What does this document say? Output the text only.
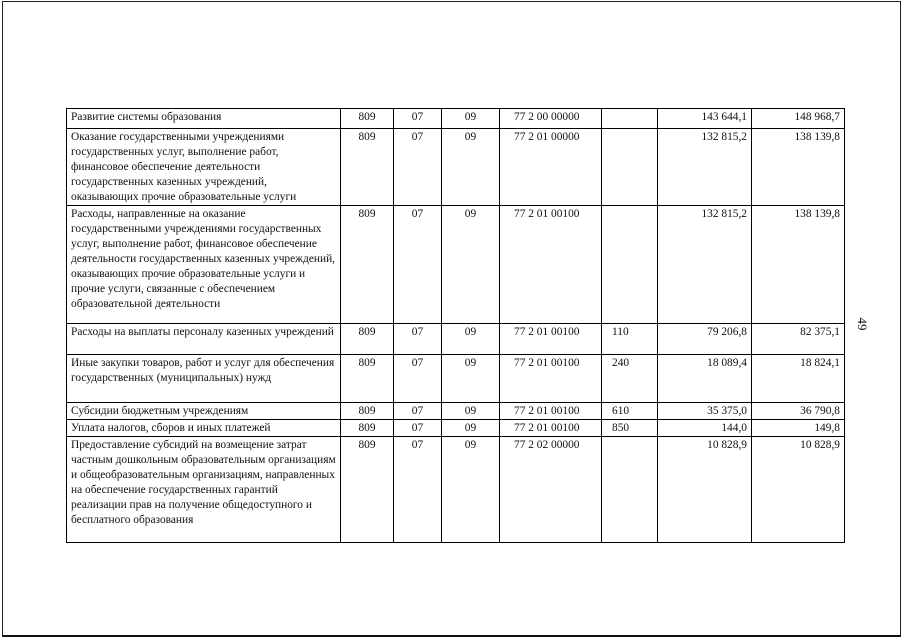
Развитие системы образования	809	07	09	77 2 00 00000		143 644,1	148 968,7
Оказание государственными учреждениями государственных услуг, выполнение работ, финансовое обеспечение деятельности государственных казенных учреждений, оказывающих прочие образовательные услуги	809	07	09	77 2 01 00000		132 815,2	138 139,8
Расходы, направленные на оказание государственными учреждениями государственных услуг, выполнение работ, финансовое обеспечение деятельности государственных казенных учреждений, оказывающих прочие образовательные услуги и прочие услуги, связанные с обеспечением образовательной деятельности	809	07	09	77 2 01 00100		132 815,2	138 139,8
Расходы на выплаты персоналу казенных учреждений	809	07	09	77 2 01 00100	110	79 206,8	82 375,1
Иные закупки товаров, работ и услуг для обеспечения государственных (муниципальных) нужд	809	07	09	77 2 01 00100	240	18 089,4	18 824,1
Субсидии бюджетным учреждениям	809	07	09	77 2 01 00100	610	35 375,0	36 790,8
Уплата налогов, сборов и иных платежей	809	07	09	77 2 01 00100	850	144,0	149,8
Предоставление субсидий на возмещение затрат частным дошкольным образовательным организациям и общеобразовательным организациям, направленных на обеспечение государственных гарантий реализации прав на получение общедоступного и бесплатного образования	809	07	09	77 2 02 00000		10 828,9	10 828,9
49
